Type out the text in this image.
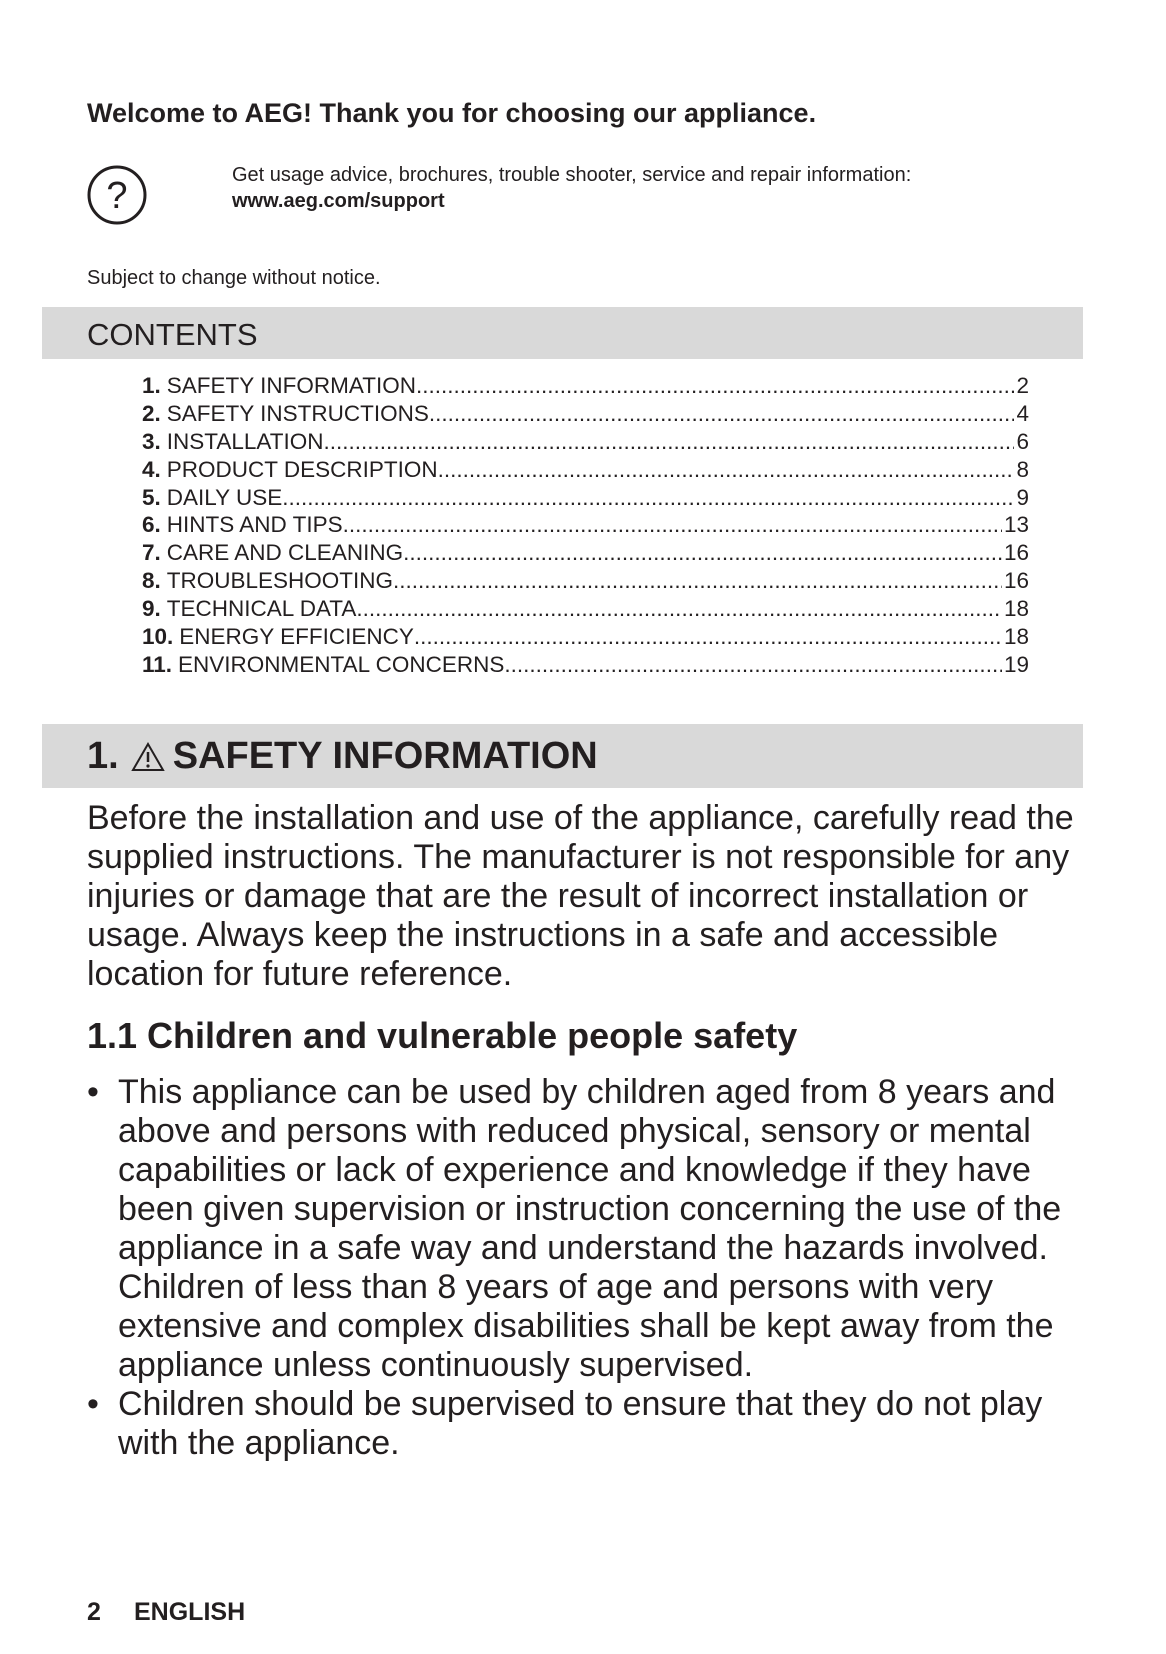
Welcome to AEG! Thank you for choosing our appliance.
?	Get usage advice, brochures, trouble shooter, service and repair information:
www.aeg.com/support
Subject to change without notice.
CONTENTS
1. SAFETY INFORMATION .....	2
2. SAFETY INSTRUCTIONS .....	4
3. INSTALLATION .....	6
4. PRODUCT DESCRIPTION .....	8
5. DAILY USE .....	9
6. HINTS AND TIPS .....	13
7. CARE AND CLEANING .....	16
8. TROUBLESHOOTING .....	16
9. TECHNICAL DATA .....	18
10. ENERGY EFFICIENCY .....	18
11. ENVIRONMENTAL CONCERNS .....	19
1. SAFETY INFORMATION

Before the installation and use of the appliance, carefully read the supplied instructions. The manufacturer is not responsible for any injuries or damage that are the result of incorrect installation or usage. Always keep the instructions in a safe and accessible location for future reference.

1.1 Children and vulnerable people safety
• This appliance can be used by children aged from 8 years and above and persons with reduced physical, sensory or mental capabilities or lack of experience and knowledge if they have been given supervision or instruction concerning the use of the appliance in a safe way and understand the hazards involved. Children of less than 8 years of age and persons with very extensive and complex disabilities shall be kept away from the appliance unless continuously supervised.
• Children should be supervised to ensure that they do not play with the appliance.
2 ENGLISH
